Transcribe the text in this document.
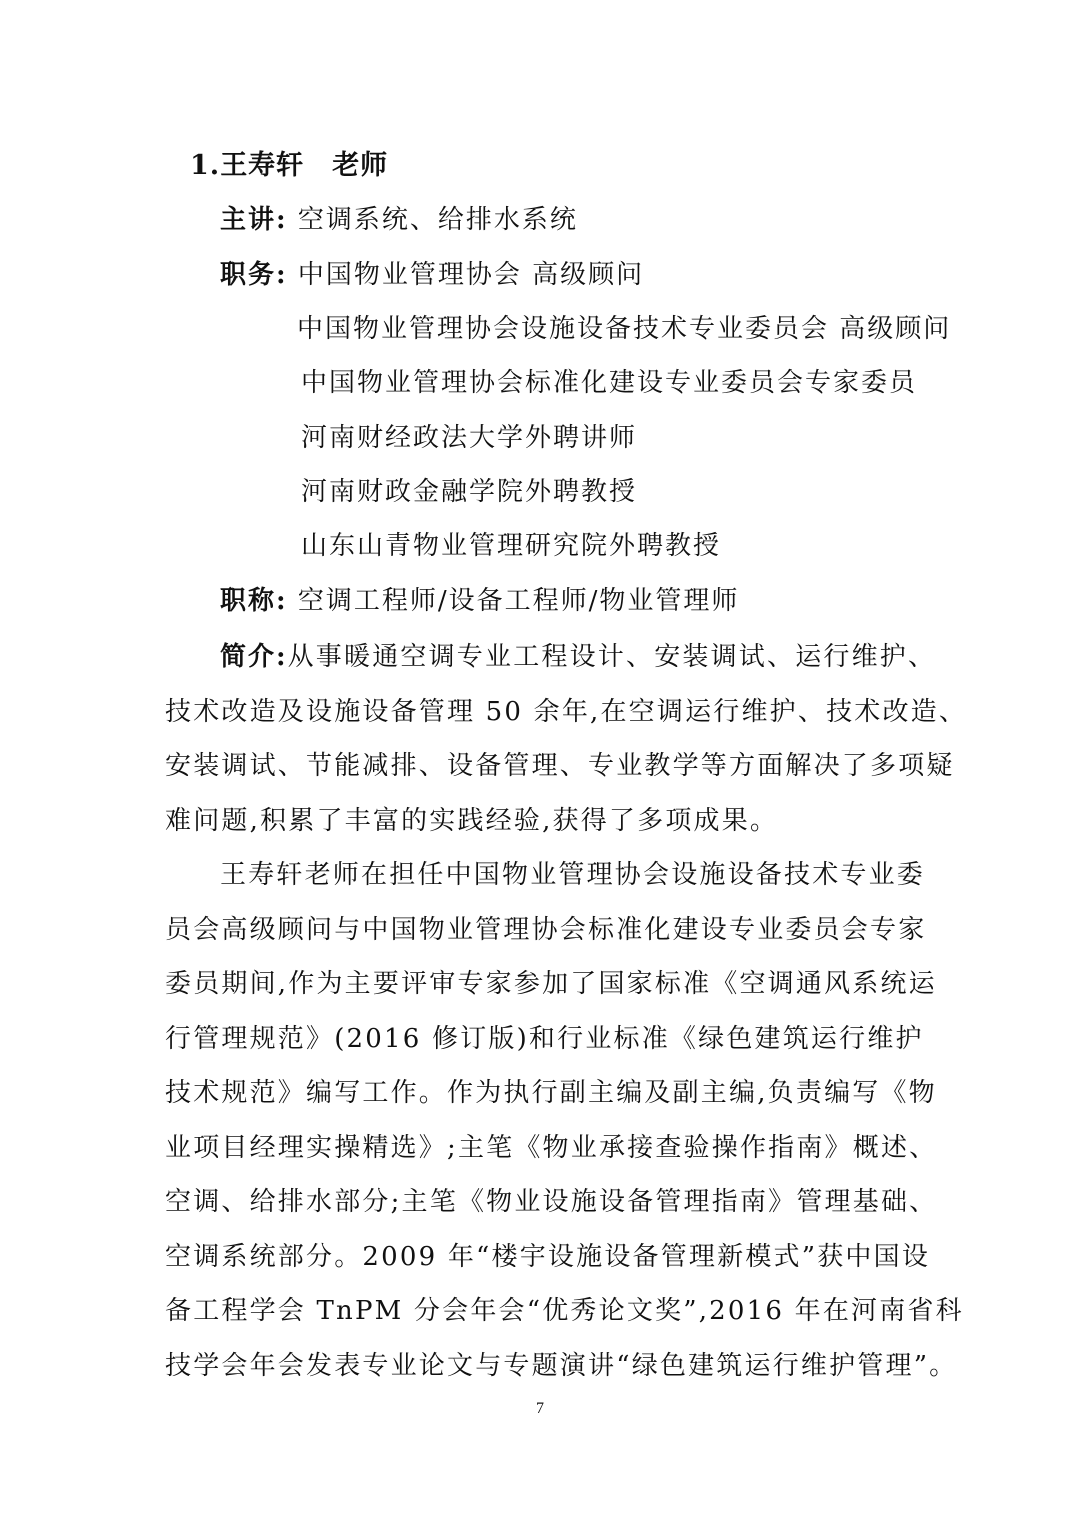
1.王寿轩 老师
主讲: 空调系统、给排水系统
职务: 中国物业管理协会 高级顾问
中国物业管理协会设施设备技术专业委员会 高级顾问
中国物业管理协会标准化建设专业委员会专家委员
河南财经政法大学外聘讲师
河南财政金融学院外聘教授
山东山青物业管理研究院外聘教授
职称: 空调工程师/设备工程师/物业管理师
简介:从事暖通空调专业工程设计、安装调试、运行维护、
技术改造及设施设备管理 50 余年,在空调运行维护、技术改造、
安装调试、节能减排、设备管理、专业教学等方面解决了多项疑
难问题,积累了丰富的实践经验,获得了多项成果。
王寿轩老师在担任中国物业管理协会设施设备技术专业委
员会高级顾问与中国物业管理协会标准化建设专业委员会专家
委员期间,作为主要评审专家参加了国家标准《空调通风系统运
行管理规范》(2016 修订版)和行业标准《绿色建筑运行维护
技术规范》编写工作。作为执行副主编及副主编,负责编写《物
业项目经理实操精选》;主笔《物业承接查验操作指南》概述、
空调、给排水部分;主笔《物业设施设备管理指南》管理基础、
空调系统部分。2009 年“楼宇设施设备管理新模式”获中国设
备工程学会 TnPM 分会年会“优秀论文奖”,2016 年在河南省科
技学会年会发表专业论文与专题演讲“绿色建筑运行维护管理”。
7
